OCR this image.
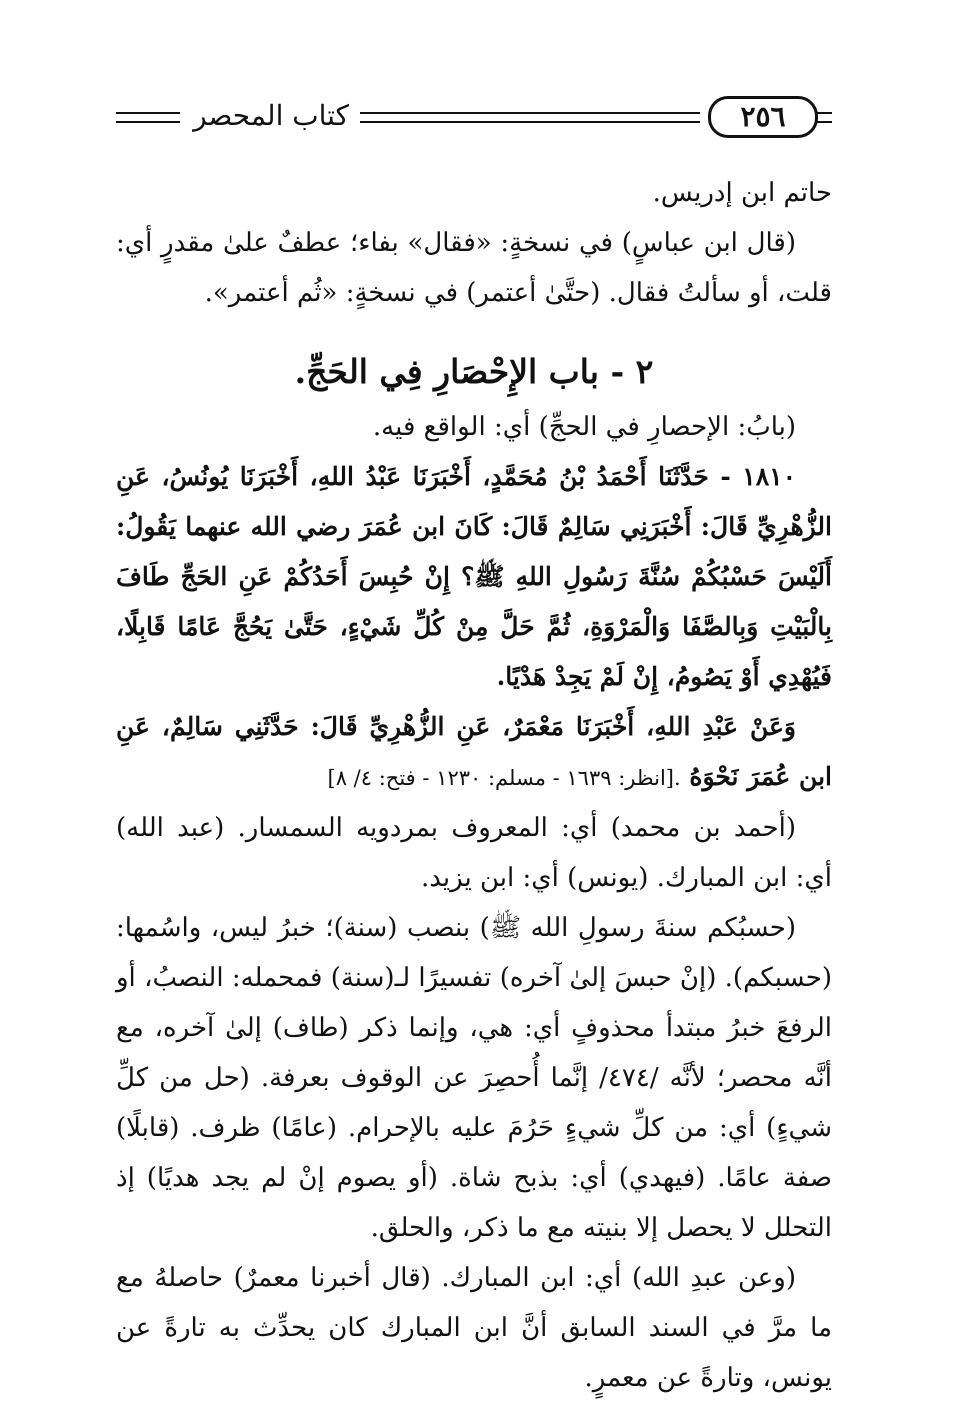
كتاب المحصر	٢٥٦

حاتم ابن إدريس.

(قال ابن عباسٍ) في نسخةٍ: «فقال» بفاء؛ عطفٌ علىٰ مقدرٍ أي: قلت، أو سألتُ فقال. (حتَّىٰ أعتمر) في نسخةٍ: «ثُم أعتمر».

٢ - باب الإِحْصَارِ فِي الحَجِّ.

(بابُ: الإحصارِ في الحجِّ) أي: الواقع فيه.

١٨١٠ - حَدَّثَنَا أَحْمَدُ بْنُ مُحَمَّدٍ، أَخْبَرَنَا عَبْدُ اللهِ، أَخْبَرَنَا يُونُسُ، عَنِ الزُّهْرِيِّ قَالَ: أَخْبَرَنِي سَالِمٌ قَالَ: كَانَ ابن عُمَرَ رضي الله عنهما يَقُولُ: أَلَيْسَ حَسْبُكُمْ سُنَّةَ رَسُولِ اللهِ ﷺ؟ إِنْ حُبِسَ أَحَدُكُمْ عَنِ الحَجِّ طَافَ بِالْبَيْتِ وَبِالصَّفَا وَالْمَرْوَةِ، ثُمَّ حَلَّ مِنْ كُلِّ شَيْءٍ، حَتَّىٰ يَحُجَّ عَامًا قَابِلًا، فَيُهْدِي أَوْ يَصُومُ، إِنْ لَمْ يَجِدْ هَدْيًا.

وَعَنْ عَبْدِ اللهِ، أَخْبَرَنَا مَعْمَرٌ، عَنِ الزُّهْرِيِّ قَالَ: حَدَّثَنِي سَالِمٌ، عَنِ ابن عُمَرَ نَحْوَهُ .[انظر: ١٦٣٩ - مسلم: ١٢٣٠ - فتح: ٤/ ٨]

(أحمد بن محمد) أي: المعروف بمردويه السمسار. (عبد الله) أي: ابن المبارك. (يونس) أي: ابن يزيد.

(حسبُكم سنةَ رسولِ الله ﷺ) بنصب (سنة)؛ خبرُ ليس، واسُمها: (حسبكم). (إنْ حبسَ إلىٰ آخره) تفسيرًا لـ(سنة) فمحمله: النصبُ، أو الرفعَ خبرُ مبتدأ محذوفٍ أي: هي، وإنما ذكر (طاف) إلىٰ آخره، مع أنَّه محصر؛ لأنَّه /٤٧٤/ إنَّما أُحصِرَ عن الوقوف بعرفة. (حل من كلِّ شيءٍ) أي: من كلِّ شيءٍ حَرُمَ عليه بالإحرام. (عامًا) ظرف. (قابلًا) صفة عامًا. (فيهدي) أي: بذبح شاة. (أو يصوم إنْ لم يجد هديًا) إذ التحلل لا يحصل إلا بنيته مع ما ذكر، والحلق.

(وعن عبدِ الله) أي: ابن المبارك. (قال أخبرنا معمرٌ) حاصلهُ مع ما مرَّ في السند السابق أنَّ ابن المبارك كان يحدِّث به تارةً عن يونس، وتارةً عن معمرٍ.
